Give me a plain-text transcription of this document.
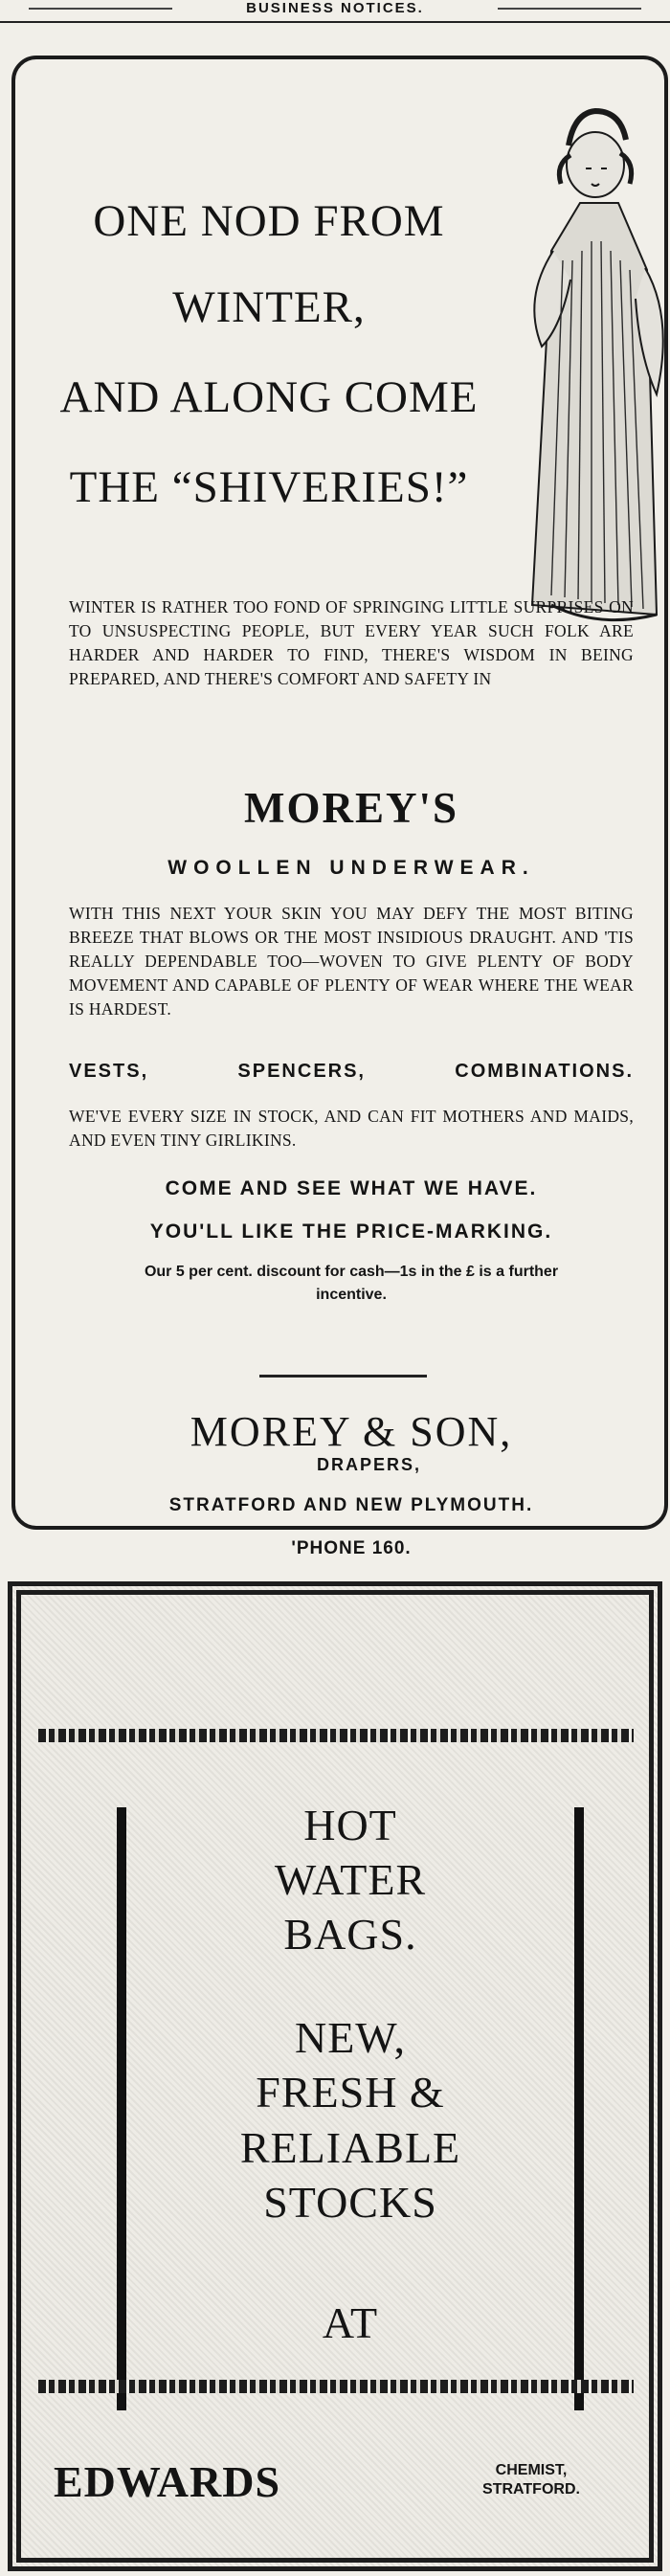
BUSINESS NOTICES.
ONE NOD FROM
WINTER,
AND ALONG COME
THE “SHIVERIES!”
WINTER IS RATHER TOO FOND OF SPRINGING LITTLE SURPRISES ON TO UNSUSPECTING PEOPLE, BUT EVERY YEAR SUCH FOLK ARE HARDER AND HARDER TO FIND, THERE'S WISDOM IN BEING PREPARED, AND THERE'S COMFORT AND SAFETY IN
MOREY'S
WOOLLEN UNDERWEAR.
WITH THIS NEXT YOUR SKIN YOU MAY DEFY THE MOST BITING BREEZE THAT BLOWS OR THE MOST INSIDIOUS DRAUGHT. AND 'TIS REALLY DEPENDABLE TOO—WOVEN TO GIVE PLENTY OF BODY MOVEMENT AND CAPABLE OF PLENTY OF WEAR WHERE THE WEAR IS HARDEST.
VESTS,	SPENCERS,	COMBINATIONS.
WE'VE EVERY SIZE IN STOCK, AND CAN FIT MOTHERS AND MAIDS, AND EVEN TINY GIRLIKINS.
COME AND SEE WHAT WE HAVE.
YOU'LL LIKE THE PRICE-MARKING.
Our 5 per cent. discount for cash—1s in the £ is a further incentive.
MOREY & SON,
DRAPERS,
STRATFORD AND NEW PLYMOUTH.
'PHONE 160.
HOT
WATER
BAGS.
NEW,
FRESH &
RELIABLE
STOCKS
AT
EDWARDS	CHEMIST,
STRATFORD.
